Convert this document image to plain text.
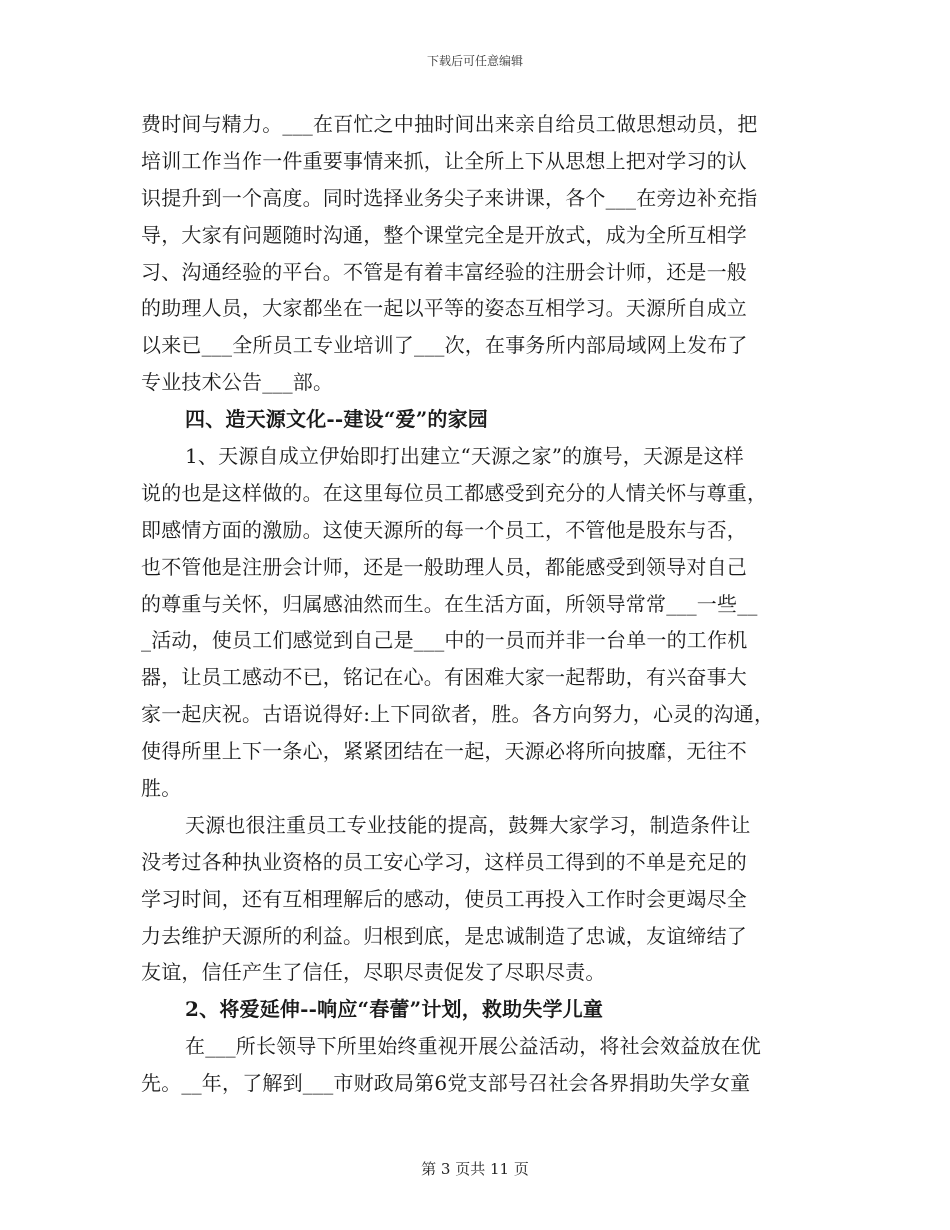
下载后可任意编辑
费时间与精力。___在百忙之中抽时间出来亲自给员工做思想动员，把
培训工作当作一件重要事情来抓，让全所上下从思想上把对学习的认
识提升到一个高度。同时选择业务尖子来讲课，各个___在旁边补充指
导，大家有问题随时沟通，整个课堂完全是开放式，成为全所互相学
习、沟通经验的平台。不管是有着丰富经验的注册会计师，还是一般
的助理人员，大家都坐在一起以平等的姿态互相学习。天源所自成立
以来已___全所员工专业培训了___次，在事务所内部局域网上发布了
专业技术公告___部。
四、造天源文化--建设“爱”的家园
1、天源自成立伊始即打出建立“天源之家”的旗号，天源是这样
说的也是这样做的。在这里每位员工都感受到充分的人情关怀与尊重，
即感情方面的激励。这使天源所的每一个员工，不管他是股东与否，
也不管他是注册会计师，还是一般助理人员，都能感受到领导对自己
的尊重与关怀，归属感油然而生。在生活方面，所领导常常___一些__
_活动，使员工们感觉到自己是___中的一员而并非一台单一的工作机
器，让员工感动不已，铭记在心。有困难大家一起帮助，有兴奋事大
家一起庆祝。古语说得好:上下同欲者，胜。各方向努力，心灵的沟通，
使得所里上下一条心，紧紧团结在一起，天源必将所向披靡，无往不
胜。
天源也很注重员工专业技能的提高，鼓舞大家学习，制造条件让
没考过各种执业资格的员工安心学习，这样员工得到的不单是充足的
学习时间，还有互相理解后的感动，使员工再投入工作时会更竭尽全
力去维护天源所的利益。归根到底，是忠诚制造了忠诚，友谊缔结了
友谊，信任产生了信任，尽职尽责促发了尽职尽责。
2、将爱延伸--响应“春蕾”计划，救助失学儿童
在___所长领导下所里始终重视开展公益活动，将社会效益放在优
先。__年，了解到___市财政局第6党支部号召社会各界捐助失学女童
第 3 页共 11 页
